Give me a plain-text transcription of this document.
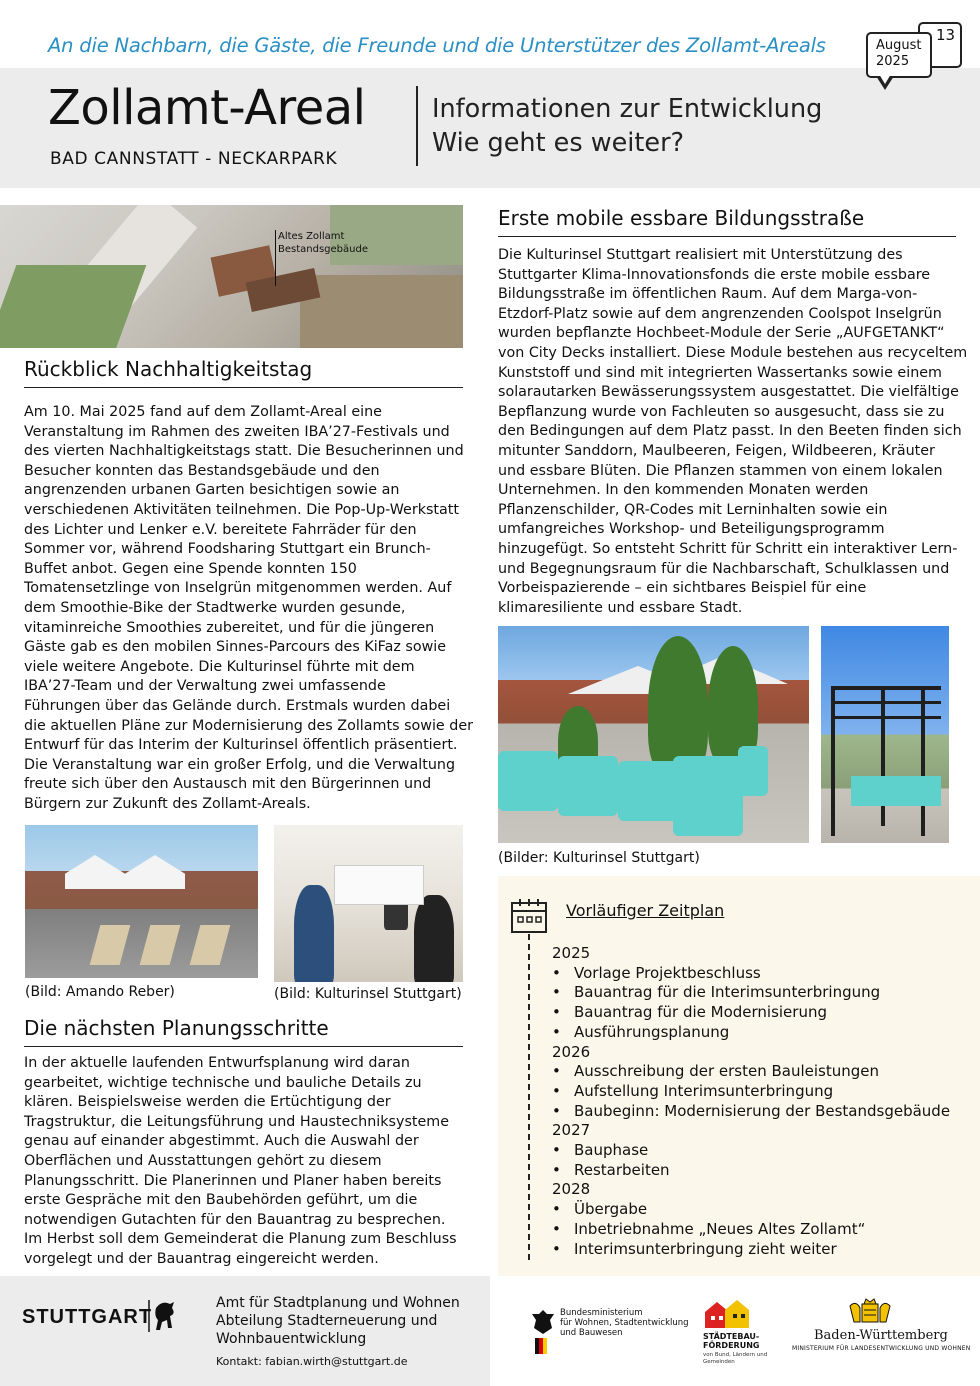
An die Nachbarn, die Gäste, die Freunde und die Unterstützer des Zollamt-Areals	13
August
2025
Zollamt-Areal
BAD CANNSTATT - NECKARPARK
Informationen zur Entwicklung
Wie geht es weiter?
Altes Zollamt
Bestandsgebäude
Rückblick Nachhaltigkeitstag
Am 10. Mai 2025 fand auf dem Zollamt-Areal eine
Veranstaltung im Rahmen des zweiten IBA’27-Festivals und
des vierten Nachhaltigkeitstags statt. Die Besucherinnen und
Besucher konnten das Bestandsgebäude und den
angrenzenden urbanen Garten besichtigen sowie an
verschiedenen Aktivitäten teilnehmen. Die Pop-Up-Werkstatt
des Lichter und Lenker e.V. bereitete Fahrräder für den
Sommer vor, während Foodsharing Stuttgart ein Brunch-
Buffet anbot. Gegen eine Spende konnten 150
Tomatensetzlinge von Inselgrün mitgenommen werden. Auf
dem Smoothie-Bike der Stadtwerke wurden gesunde,
vitaminreiche Smoothies zubereitet, und für die jüngeren
Gäste gab es den mobilen Sinnes-Parcours des KiFaz sowie
viele weitere Angebote. Die Kulturinsel führte mit dem
IBA’27-Team und der Verwaltung zwei umfassende
Führungen über das Gelände durch. Erstmals wurden dabei
die aktuellen Pläne zur Modernisierung des Zollamts sowie der
Entwurf für das Interim der Kulturinsel öffentlich präsentiert.
Die Veranstaltung war ein großer Erfolg, und die Verwaltung
freute sich über den Austausch mit den Bürgerinnen und
Bürgern zur Zukunft des Zollamt-Areals.
(Bild: Amando Reber)	(Bild: Kulturinsel Stuttgart)
Die nächsten Planungsschritte
In der aktuelle laufenden Entwurfsplanung wird daran
gearbeitet, wichtige technische und bauliche Details zu
klären. Beispielsweise werden die Ertüchtigung der
Tragstruktur, die Leitungsführung und Haustechniksysteme
genau auf einander abgestimmt. Auch die Auswahl der
Oberflächen und Ausstattungen gehört zu diesem
Planungsschritt. Die Planerinnen und Planer haben bereits
erste Gespräche mit den Baubehörden geführt, um die
notwendigen Gutachten für den Bauantrag zu besprechen.
Im Herbst soll dem Gemeinderat die Planung zum Beschluss
vorgelegt und der Bauantrag eingereicht werden.
Erste mobile essbare Bildungsstraße
Die Kulturinsel Stuttgart realisiert mit Unterstützung des
Stuttgarter Klima-Innovationsfonds die erste mobile essbare
Bildungsstraße im öffentlichen Raum. Auf dem Marga-von-
Etzdorf-Platz sowie auf dem angrenzenden Coolspot Inselgrün
wurden bepflanzte Hochbeet-Module der Serie „AUFGETANKT“
von City Decks installiert. Diese Module bestehen aus recyceltem
Kunststoff und sind mit integrierten Wassertanks sowie einem
solarautarken Bewässerungssystem ausgestattet. Die vielfältige
Bepflanzung wurde von Fachleuten so ausgesucht, dass sie zu
den Bedingungen auf dem Platz passt. In den Beeten finden sich
mitunter Sanddorn, Maulbeeren, Feigen, Wildbeeren, Kräuter
und essbare Blüten. Die Pflanzen stammen von einem lokalen
Unternehmen. In den kommenden Monaten werden
Pflanzenschilder, QR-Codes mit Lerninhalten sowie ein
umfangreiches Workshop- und Beteiligungsprogramm
hinzugefügt. So entsteht Schritt für Schritt ein interaktiver Lern-
und Begegnungsraum für die Nachbarschaft, Schulklassen und
Vorbeispazierende – ein sichtbares Beispiel für eine
klimaresiliente und essbare Stadt.
(Bilder: Kulturinsel Stuttgart)
Vorläufiger Zeitplan
2025
• Vorlage Projektbeschluss
• Bauantrag für die Interimsunterbringung
• Bauantrag für die Modernisierung
• Ausführungsplanung
2026
• Ausschreibung der ersten Bauleistungen
• Aufstellung Interimsunterbringung
• Baubeginn: Modernisierung der Bestandsgebäude
2027
• Bauphase
• Restarbeiten
2028
• Übergabe
• Inbetriebnahme „Neues Altes Zollamt“
• Interimsunterbringung zieht weiter
STUTTGART
Amt für Stadtplanung und Wohnen
Abteilung Stadterneuerung und
Wohnbauentwicklung
Kontakt: fabian.wirth@stuttgart.de
Bundesministerium
für Wohnen, Stadtentwicklung
und Bauwesen	STÄDTEBAU-
FÖRDERUNG
von Bund, Ländern und
Gemeinden
Baden-Württemberg
MINISTERIUM FÜR LANDESENTWICKLUNG UND WOHNEN
